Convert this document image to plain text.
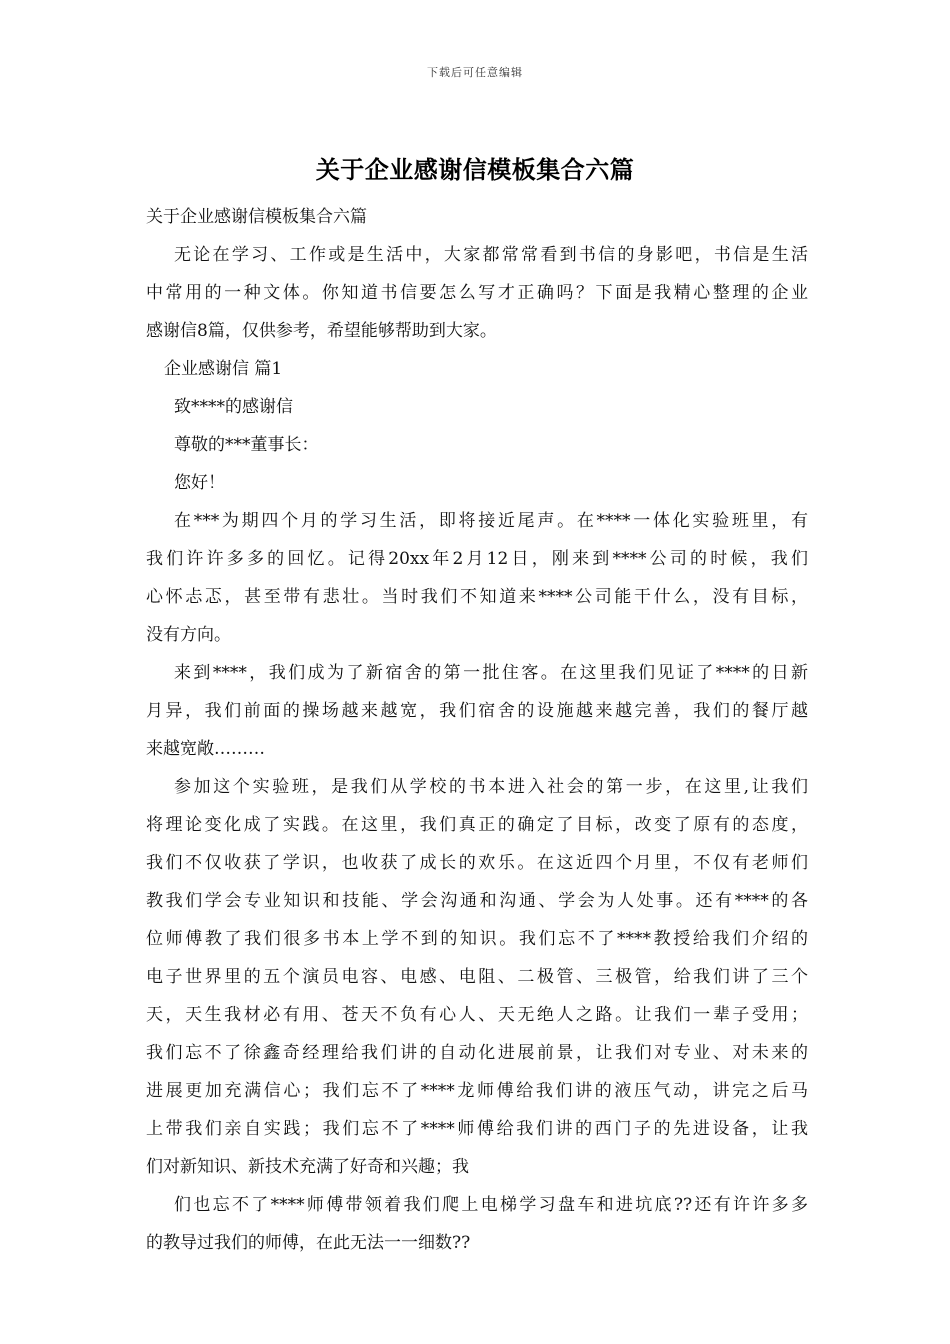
下载后可任意编辑
关于企业感谢信模板集合六篇

关于企业感谢信模板集合六篇

无论在学习、工作或是生活中，大家都常常看到书信的身影吧，书信是生活
中常用的一种文体。你知道书信要怎么写才正确吗？下面是我精心整理的企业
感谢信8篇，仅供参考，希望能够帮助到大家。

企业感谢信 篇1

致****的感谢信

尊敬的***董事长：

您好！

在***为期四个月的学习生活，即将接近尾声。在****一体化实验班里，有
我们许许多多的回忆。记得20xx年2月12日，刚来到****公司的时候，我们
心怀忐忑，甚至带有悲壮。当时我们不知道来****公司能干什么，没有目标，
没有方向。

来到****，我们成为了新宿舍的第一批住客。在这里我们见证了****的日新
月异，我们前面的操场越来越宽，我们宿舍的设施越来越完善，我们的餐厅越
来越宽敞………

参加这个实验班，是我们从学校的书本进入社会的第一步，在这里,让我们
将理论变化成了实践。在这里，我们真正的确定了目标，改变了原有的态度，
我们不仅收获了学识，也收获了成长的欢乐。在这近四个月里，不仅有老师们
教我们学会专业知识和技能、学会沟通和沟通、学会为人处事。还有****的各
位师傅教了我们很多书本上学不到的知识。我们忘不了****教授给我们介绍的
电子世界里的五个演员电容、电感、电阻、二极管、三极管，给我们讲了三个
天，天生我材必有用、苍天不负有心人、天无绝人之路。让我们一辈子受用；
我们忘不了徐鑫奇经理给我们讲的自动化进展前景，让我们对专业、对未来的
进展更加充满信心；我们忘不了****龙师傅给我们讲的液压气动，讲完之后马
上带我们亲自实践；我们忘不了****师傅给我们讲的西门子的先进设备，让我
们对新知识、新技术充满了好奇和兴趣；我

们也忘不了****师傅带领着我们爬上电梯学习盘车和进坑底??还有许许多多
的教导过我们的师傅，在此无法一一细数??
